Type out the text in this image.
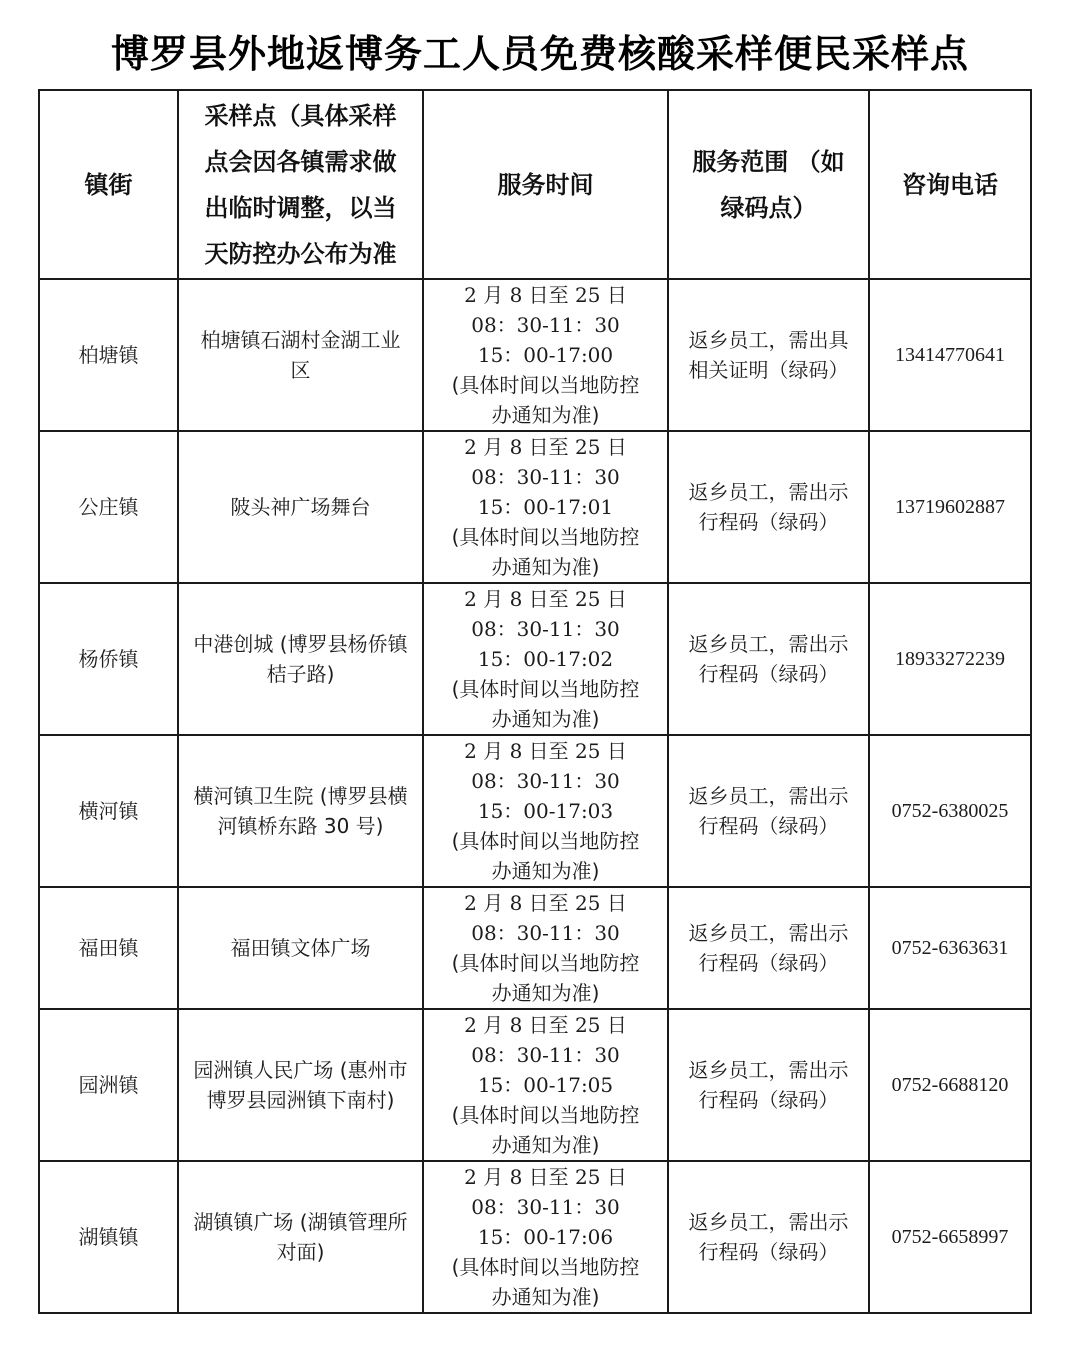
博罗县外地返博务工人员免费核酸采样便民采样点
镇街	采样点（具体采样
点会因各镇需求做
出临时调整，以当
天防控办公布为准	服务时间	服务范围 （如
绿码点）	咨询电话
柏塘镇	柏塘镇石湖村金湖工业
区	2 月 8 日至 25 日
08：30-11：30
15：00-17:00
(具体时间以当地防控
办通知为准)	返乡员工，需出具
相关证明（绿码）	13414770641
公庄镇	陂头神广场舞台	2 月 8 日至 25 日
08：30-11：30
15：00-17:01
(具体时间以当地防控
办通知为准)	返乡员工，需出示
行程码（绿码）	13719602887
杨侨镇	中港创城 (博罗县杨侨镇
桔子路)	2 月 8 日至 25 日
08：30-11：30
15：00-17:02
(具体时间以当地防控
办通知为准)	返乡员工，需出示
行程码（绿码）	18933272239
横河镇	横河镇卫生院 (博罗县横
河镇桥东路 30 号)	2 月 8 日至 25 日
08：30-11：30
15：00-17:03
(具体时间以当地防控
办通知为准)	返乡员工，需出示
行程码（绿码）	0752-6380025
福田镇	福田镇文体广场	2 月 8 日至 25 日
08：30-11：30
(具体时间以当地防控
办通知为准)	返乡员工，需出示
行程码（绿码）	0752-6363631
园洲镇	园洲镇人民广场 (惠州市
博罗县园洲镇下南村)	2 月 8 日至 25 日
08：30-11：30
15：00-17:05
(具体时间以当地防控
办通知为准)	返乡员工，需出示
行程码（绿码）	0752-6688120
湖镇镇	湖镇镇广场 (湖镇管理所
对面)	2 月 8 日至 25 日
08：30-11：30
15：00-17:06
(具体时间以当地防控
办通知为准)	返乡员工，需出示
行程码（绿码）	0752-6658997
